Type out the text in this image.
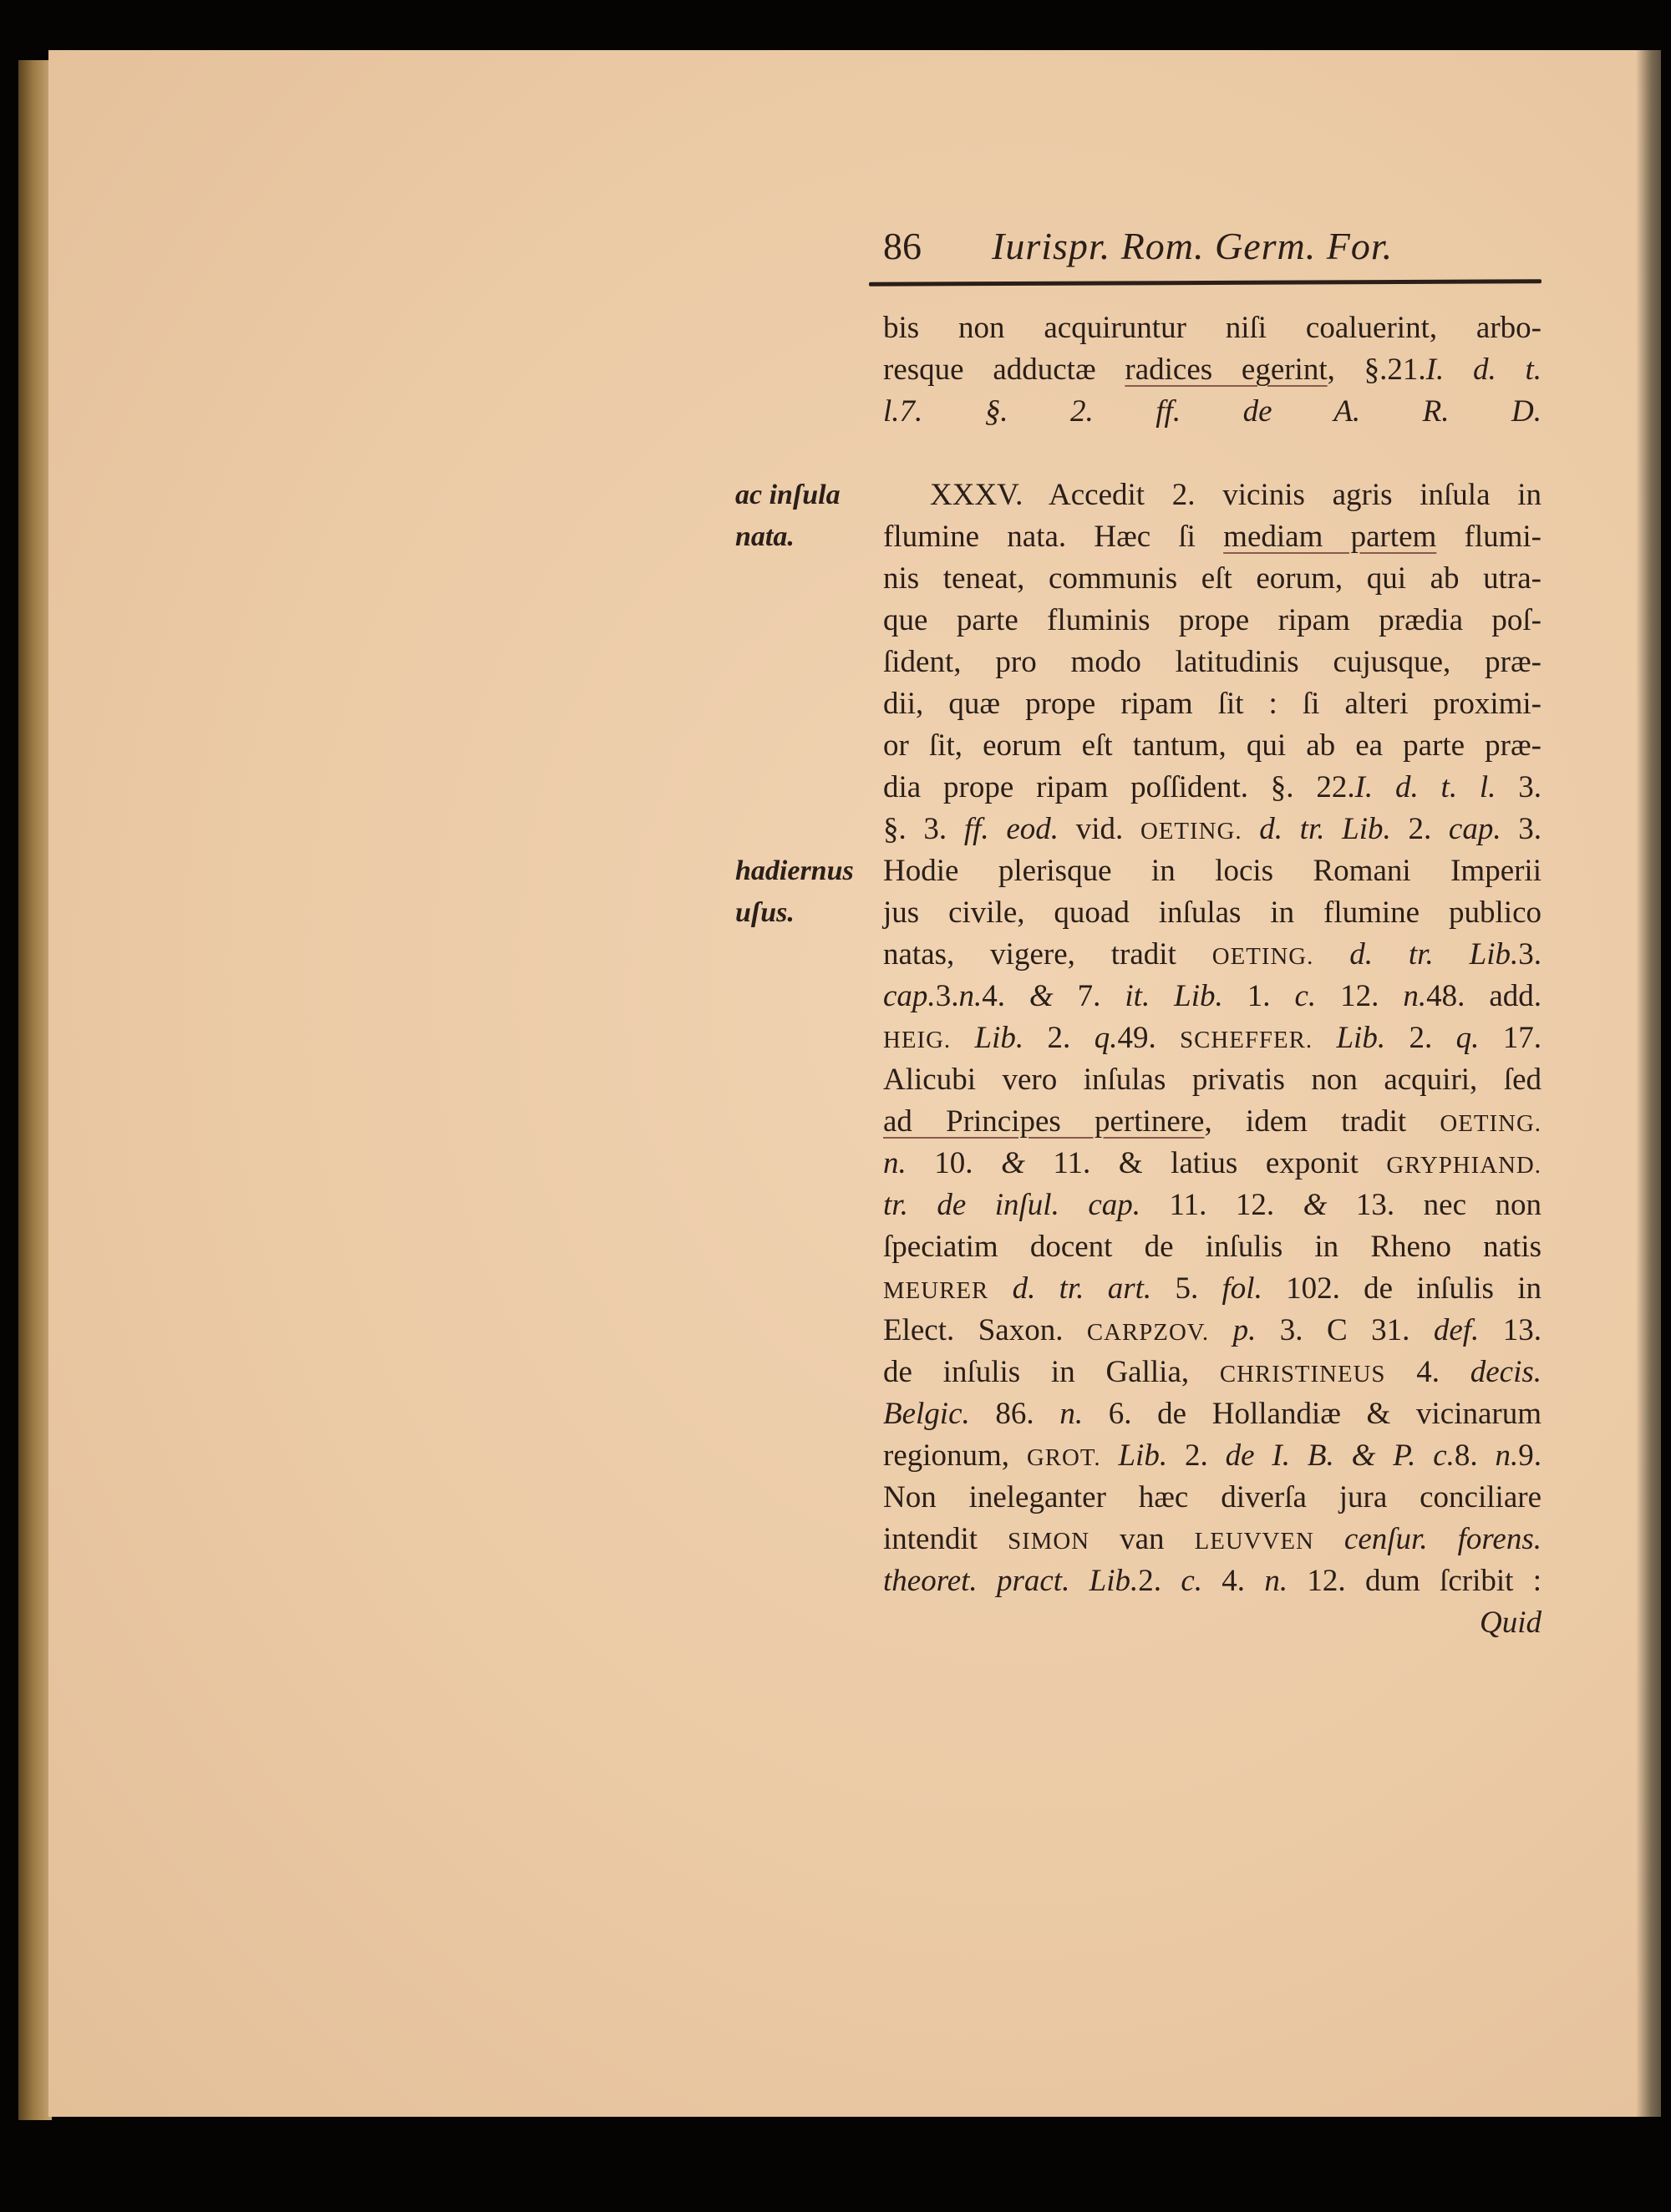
86 Iurispr. Rom. Germ. For.
ac inſula
nata.
hadiernus
uſus.
bis non acquiruntur niſi coaluerint, arbo-
resque adductæ radices egerint, §.21.I. d. t.
l.7. §. 2. ff. de A. R. D.
XXXV. Accedit 2. vicinis agris inſula in
flumine nata. Hæc ſi mediam partem flumi-
nis teneat, communis eſt eorum, qui ab utra-
que parte fluminis prope ripam prædia poſ-
ſident, pro modo latitudinis cujusque, præ-
dii, quæ prope ripam ſit : ſi alteri proximi-
or ſit, eorum eſt tantum, qui ab ea parte præ-
dia prope ripam poſſident. §. 22.I. d. t. l. 3.
§. 3. ff. eod. vid. OETING. d. tr. Lib. 2. cap. 3.
Hodie plerisque in locis Romani Imperii
jus civile, quoad inſulas in flumine publico
natas, vigere, tradit OETING. d. tr. Lib.3.
cap.3.n.4. & 7. it. Lib. 1. c. 12. n.48. add.
HEIG. Lib. 2. q.49. SCHEFFER. Lib. 2. q. 17.
Alicubi vero inſulas privatis non acquiri, ſed
ad Principes pertinere, idem tradit OETING.
n. 10. & 11. & latius exponit GRYPHIAND.
tr. de inſul. cap. 11. 12. & 13. nec non
ſpeciatim docent de inſulis in Rheno natis
MEURER d. tr. art. 5. fol. 102. de inſulis in
Elect. Saxon. CARPZOV. p. 3. C 31. def. 13.
de inſulis in Gallia, CHRISTINEUS 4. decis.
Belgic. 86. n. 6. de Hollandiæ & vicinarum
regionum, GROT. Lib. 2. de I. B. & P. c.8. n.9.
Non ineleganter hæc diverſa jura conciliare
intendit SIMON van LEUVVEN cenſur. forens.
theoret. pract. Lib.2. c. 4. n. 12. dum ſcribit :
Quid
